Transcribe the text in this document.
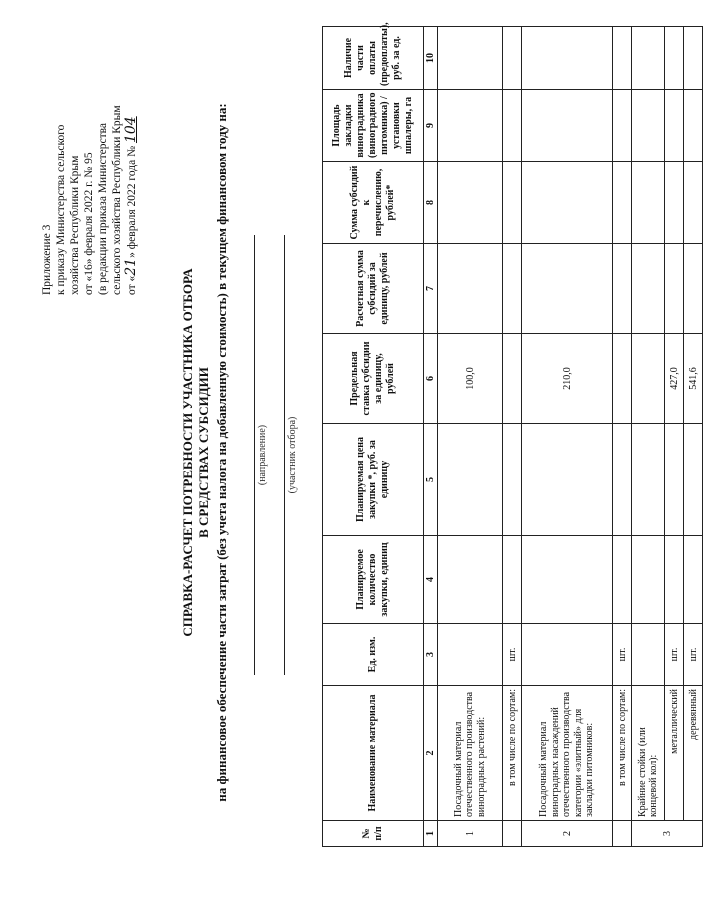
Приложение 3 к приказу Министерства сельского хозяйства Республики Крым от «16» февраля 2022 г. № 95 (в редакции приказа Министерства сельского хозяйства Республики Крым от «21» февраля 2022 года № 104
СПРАВКА-РАСЧЕТ ПОТРЕБНОСТИ УЧАСТНИКА ОТБОРА В СРЕДСТВАХ СУБСИДИИ на финансовое обеспечение части затрат (без учета налога на добавленную стоимость) в текущем финансовом году на:	(направление) (участник отбора)
№ п/п	Наименование материала	Ед. изм.	Планируемое количество закупки, единиц	Планируемая цена закупки *, руб. за единицу	Предельная ставка субсидии за единицу, рублей	Расчетная сумма субсидий за единицу, рублей	Сумма субсидий к перечислению, рублей*	Площадь закладки виноградника (виноградного питомника) / установки шпалеры, га	Наличие части оплаты (предоплаты), руб. за ед.
1	2	3	4	5	6	7	8	9	10
1	Посадочный материал отечественного производства виноградных растений:				100,0				
	в том числе по сортам:	шт.							
2	Посадочный материал виноградных насаждений отечественного производства категории «элитный» для закладки питомников:				210,0				
	в том числе по сортам:	шт.							
3	Крайние стойки (или концевой кол):								
	металлический	шт.			427,0				
	деревянный	шт.			541,6				
